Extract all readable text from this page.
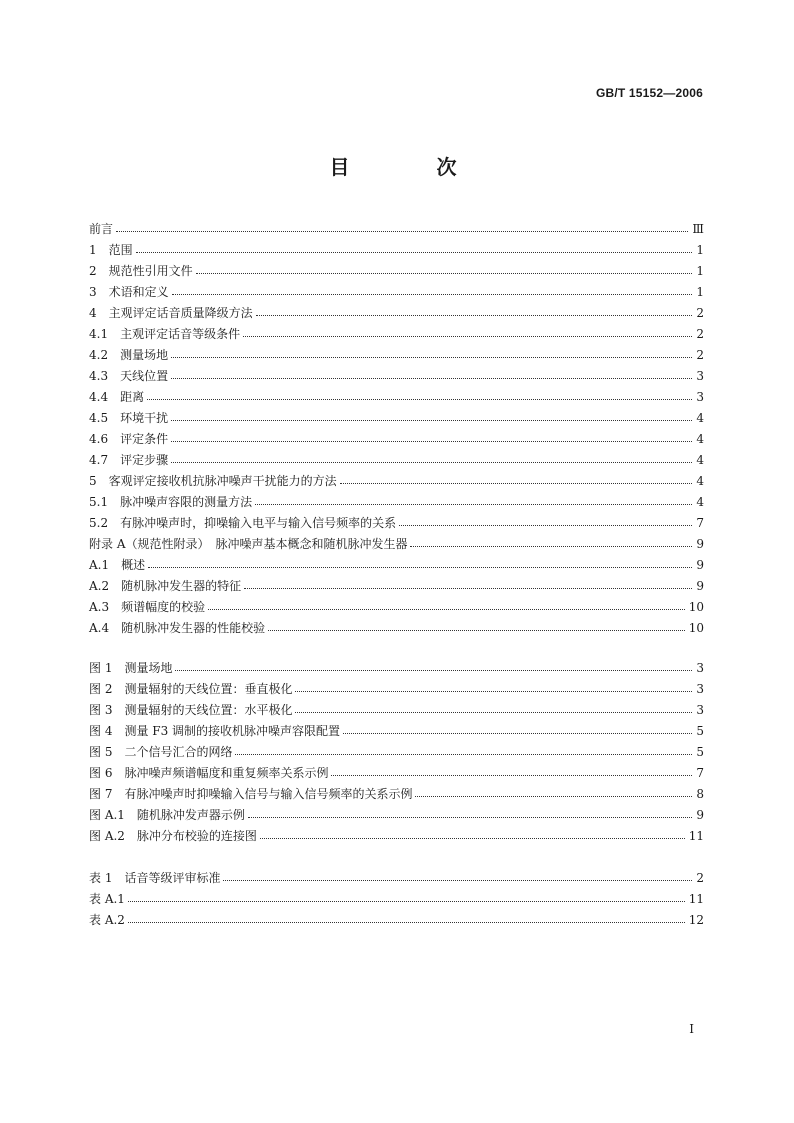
GB/T 15152—2006
目 次
前言	Ⅲ
1　范围	1
2　规范性引用文件	1
3　术语和定义	1
4　主观评定话音质量降级方法	2
4.1　主观评定话音等级条件	2
4.2　测量场地	2
4.3　天线位置	3
4.4　距离	3
4.5　环境干扰	4
4.6　评定条件	4
4.7　评定步骤	4
5　客观评定接收机抗脉冲噪声干扰能力的方法	4
5.1　脉冲噪声容限的测量方法	4
5.2　有脉冲噪声时，抑噪输入电平与输入信号频率的关系	7
附录 A（规范性附录）　脉冲噪声基本概念和随机脉冲发生器	9
A.1　概述	9
A.2　随机脉冲发生器的特征	9
A.3　频谱幅度的校验	10
A.4　随机脉冲发生器的性能校验	10
图 1　测量场地	3
图 2　测量辐射的天线位置：垂直极化	3
图 3　测量辐射的天线位置：水平极化	3
图 4　测量 F3 调制的接收机脉冲噪声容限配置	5
图 5　二个信号汇合的网络	5
图 6　脉冲噪声频谱幅度和重复频率关系示例	7
图 7　有脉冲噪声时抑噪输入信号与输入信号频率的关系示例	8
图 A.1　随机脉冲发声器示例	9
图 A.2　脉冲分布校验的连接图	11
表 1　话音等级评审标准	2
表 A.1	11
表 A.2	12
I
